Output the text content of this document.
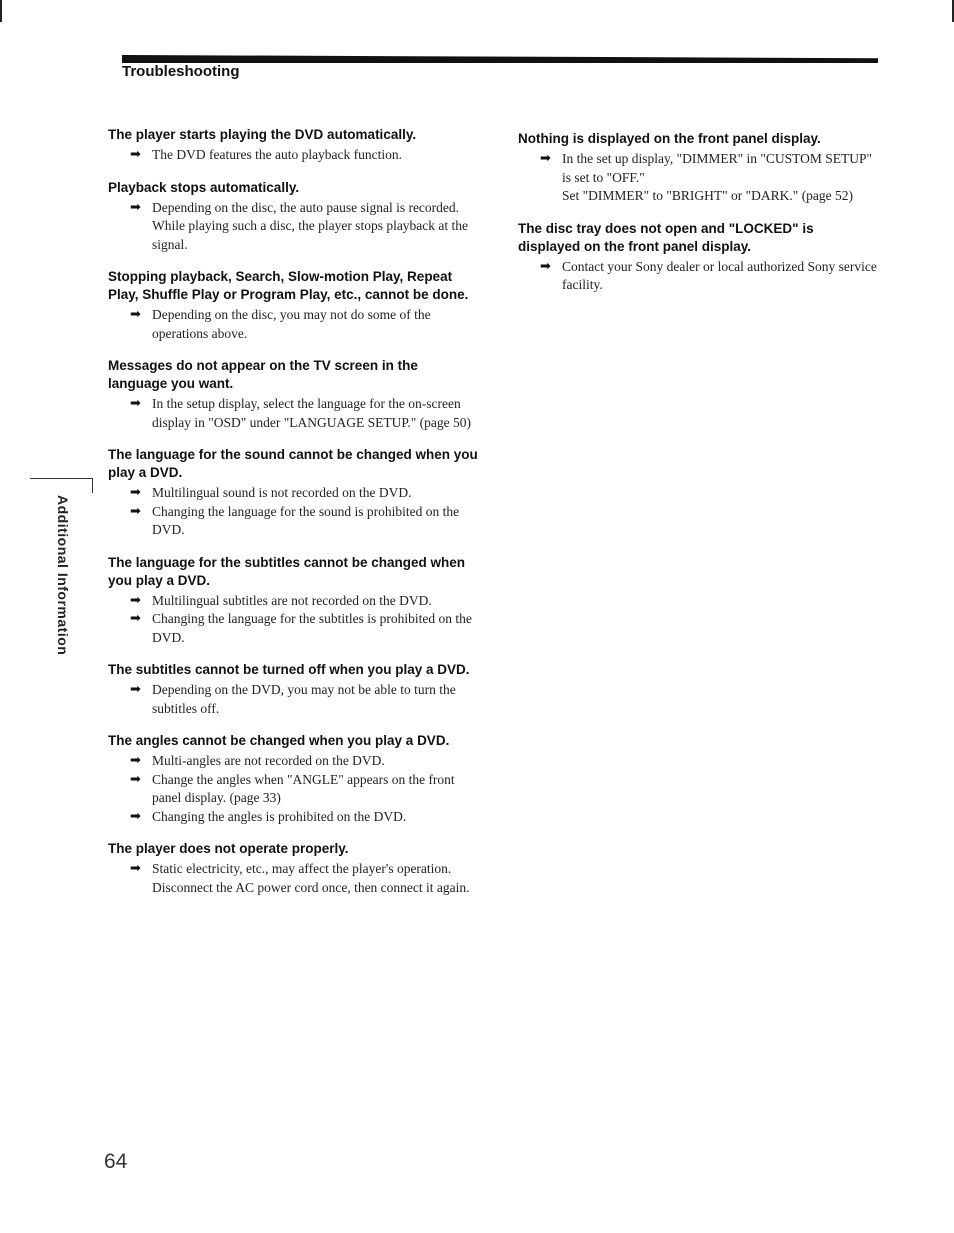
Troubleshooting
The player starts playing the DVD automatically.
➡ The DVD features the auto playback function.
Playback stops automatically.
➡ Depending on the disc, the auto pause signal is recorded. While playing such a disc, the player stops playback at the signal.
Stopping playback, Search, Slow-motion Play, Repeat Play, Shuffle Play or Program Play, etc., cannot be done.
➡ Depending on the disc, you may not do some of the operations above.
Messages do not appear on the TV screen in the language you want.
➡ In the setup display, select the language for the on-screen display in "OSD" under "LANGUAGE SETUP." (page 50)
The language for the sound cannot be changed when you play a DVD.
➡ Multilingual sound is not recorded on the DVD.
➡ Changing the language for the sound is prohibited on the DVD.
The language for the subtitles cannot be changed when you play a DVD.
➡ Multilingual subtitles are not recorded on the DVD.
➡ Changing the language for the subtitles is prohibited on the DVD.
The subtitles cannot be turned off when you play a DVD.
➡ Depending on the DVD, you may not be able to turn the subtitles off.
The angles cannot be changed when you play a DVD.
➡ Multi-angles are not recorded on the DVD.
➡ Change the angles when "ANGLE" appears on the front panel display. (page 33)
➡ Changing the angles is prohibited on the DVD.
The player does not operate properly.
➡ Static electricity, etc., may affect the player's operation.
Disconnect the AC power cord once, then connect it again.
Nothing is displayed on the front panel display.
➡ In the set up display, "DIMMER" in "CUSTOM SETUP" is set to "OFF."
Set "DIMMER" to "BRIGHT" or "DARK." (page 52)
The disc tray does not open and "LOCKED" is displayed on the front panel display.
➡ Contact your Sony dealer or local authorized Sony service facility.
Additional Information
64
